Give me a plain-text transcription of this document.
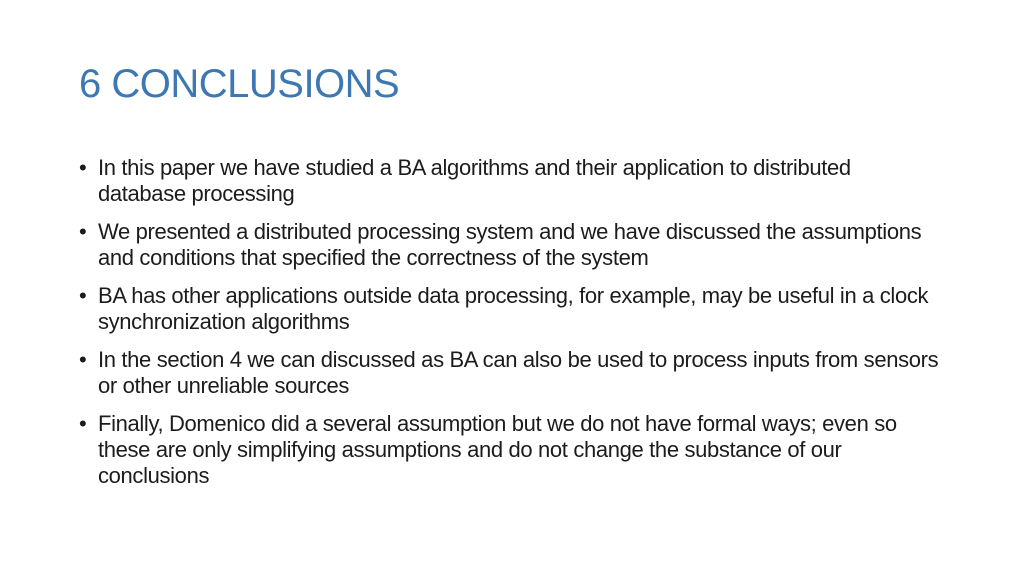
6 CONCLUSIONS
• In this paper we have studied a BA algorithms and their application to distributed database processing
• We presented a distributed processing system and we have discussed the assumptions and conditions that specified the correctness of the system
• BA has other applications outside data processing, for example, may be useful in a clock synchronization algorithms
• In the section 4 we can discussed as BA can also be used to process inputs from sensors or other unreliable sources
• Finally, Domenico did a several assumption but we do not have formal ways; even so these are only simplifying assumptions and do not change the substance of our conclusions
